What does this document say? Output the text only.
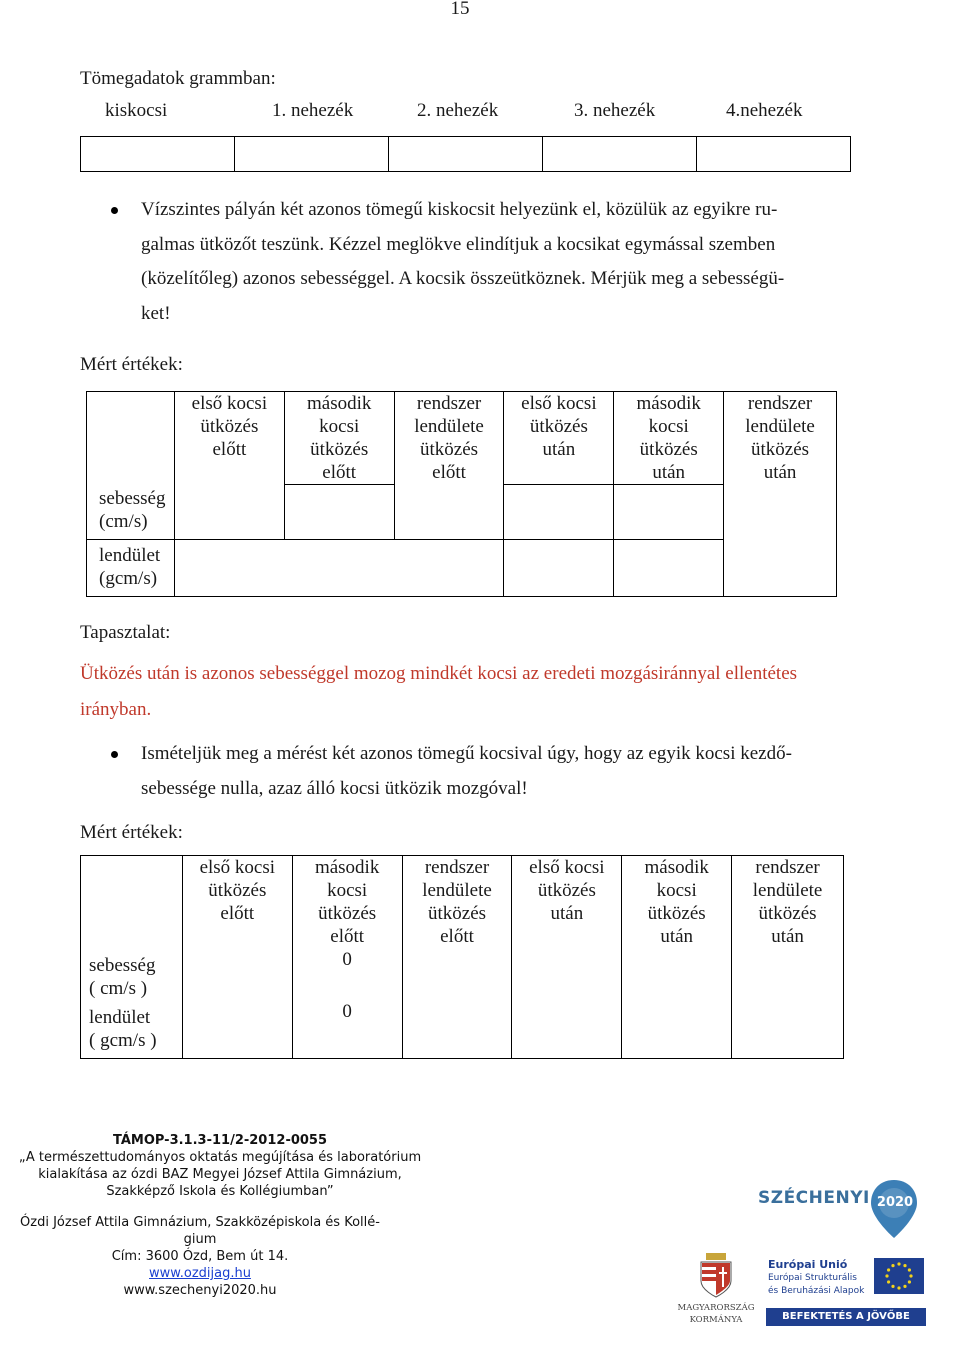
15
Tömegadatok grammban:
kiskocsi	1. nehezék	2. nehezék	3. nehezék	4.nehezék

Vízszintes pályán két azonos tömegű kiskocsit helyezünk el, közülük az egyikre ru-
galmas ütközőt teszünk. Kézzel meglökve elindítjuk a kocsikat egymással szemben
(közelítőleg) azonos sebességgel. A kocsik összeütköznek. Mérjük meg a sebességü-
ket!
Mért értékek:
sebesség
(cm/s)	első kocsi
ütközés
előtt	második
kocsi
ütközés
előtt	rendszer
lendülete
ütközés
előtt	első kocsi
ütközés
után	második
kocsi
ütközés
után	rendszer
lendülete
ütközés
után

lendület
(gcm/s)						

Tapasztalat:
Ütközés után is azonos sebességgel mozog mindkét kocsi az eredeti mozgásiránnyal ellentétes
irányban.
Ismételjük meg a mérést két azonos tömegű kocsival úgy, hogy az egyik kocsi kezdő-
sebessége nulla, azaz álló kocsi ütközik mozgóval!
Mért értékek:

	első kocsi
ütközés
előtt	második
kocsi
ütközés
előtt	rendszer
lendülete
ütközés
előtt	első kocsi
ütközés
után	második
kocsi
ütközés
után	rendszer
lendülete
ütközés
után

sebesség
( cm/s )		0				

lendület
( gcm/s )		0				
TÁMOP-3.1.3-11/2-2012-0055
„A természettudományos oktatás megújítása és laboratórium
kialakítása az ózdi BAZ Megyei József Attila Gimnázium,
Szakképző Iskola és Kollégiumban”
Ózdi József Attila Gimnázium, Szakközépiskola és Kollé-
gium
Cím: 3600 Ózd, Bem út 14.
www.ozdijag.hu
www.szechenyi2020.hu
SZÉCHENYI 2020
MAGYARORSZÁG
KORMÁNYA
Európai Unió
Európai Strukturális
és Beruházási Alapok
BEFEKTETÉS A JÖVŐBE
